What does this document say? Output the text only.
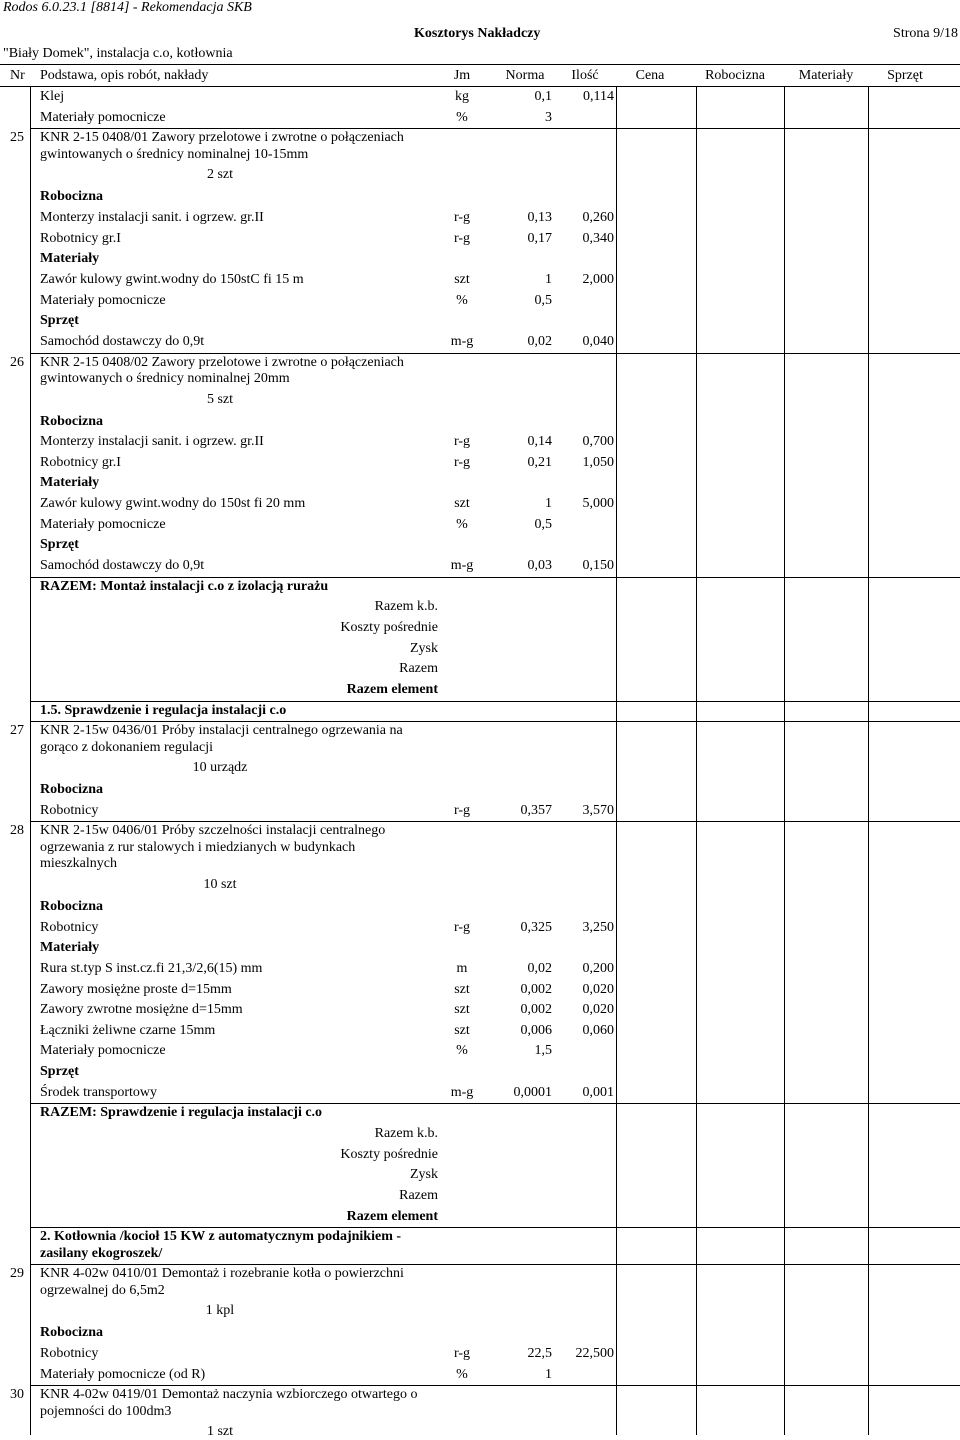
Rodos 6.0.23.1 [8814] - Rekomendacja SKB
Kosztorys Nakładczy	Strona 9/18
"Biały Domek", instalacja c.o, kotłownia
Nr Podstawa, opis robót, nakłady	Jm	Norma	Ilość	Cena	Robocizna	Materiały	Sprzęt
Klej	kg	0,1	0,114
Materiały pomocnicze	%	3
25 KNR 2-15 0408/01 Zawory przelotowe i zwrotne o połączeniach
gwintowanych o średnicy nominalnej 10-15mm
2 szt
Robocizna
Monterzy instalacji sanit. i ogrzew. gr.II	r-g	0,13	0,260
Robotnicy gr.I	r-g	0,17	0,340
Materiały
Zawór kulowy gwint.wodny do 150stC fi 15 m	szt	1	2,000
Materiały pomocnicze	%	0,5
Sprzęt
Samochód dostawczy do 0,9t	m-g	0,02	0,040
26 KNR 2-15 0408/02 Zawory przelotowe i zwrotne o połączeniach
gwintowanych o średnicy nominalnej 20mm
5 szt
Robocizna
Monterzy instalacji sanit. i ogrzew. gr.II	r-g	0,14	0,700
Robotnicy gr.I	r-g	0,21	1,050
Materiały
Zawór kulowy gwint.wodny do 150st fi 20 mm	szt	1	5,000
Materiały pomocnicze	%	0,5
Sprzęt
Samochód dostawczy do 0,9t	m-g	0,03	0,150
RAZEM: Montaż instalacji c.o z izolacją rurażu
Razem k.b.
Koszty pośrednie
Zysk
Razem
Razem element
1.5. Sprawdzenie i regulacja instalacji c.o
27 KNR 2-15w 0436/01 Próby instalacji centralnego ogrzewania na
gorąco z dokonaniem regulacji
10 urządz
Robocizna
Robotnicy	r-g	0,357	3,570
28 KNR 2-15w 0406/01 Próby szczelności instalacji centralnego
ogrzewania z rur stalowych i miedzianych w budynkach
mieszkalnych
10 szt
Robocizna
Robotnicy	r-g	0,325	3,250
Materiały
Rura st.typ S inst.cz.fi 21,3/2,6(15) mm	m	0,02	0,200
Zawory mosiężne proste d=15mm	szt	0,002	0,020
Zawory zwrotne mosiężne d=15mm	szt	0,002	0,020
Łączniki żeliwne czarne 15mm	szt	0,006	0,060
Materiały pomocnicze	%	1,5
Sprzęt
Środek transportowy	m-g	0,0001	0,001
RAZEM: Sprawdzenie i regulacja instalacji c.o
Razem k.b.
Koszty pośrednie
Zysk
Razem
Razem element
2. Kotłownia /kocioł 15 KW z automatycznym podajnikiem -
zasilany ekogroszek/
29 KNR 4-02w 0410/01 Demontaż i rozebranie kotła o powierzchni
ogrzewalnej do 6,5m2
1 kpl
Robocizna
Robotnicy	r-g	22,5	22,500
Materiały pomocnicze (od R)	%	1
30 KNR 4-02w 0419/01 Demontaż naczynia wzbiorczego otwartego o
pojemności do 100dm3
1 szt
